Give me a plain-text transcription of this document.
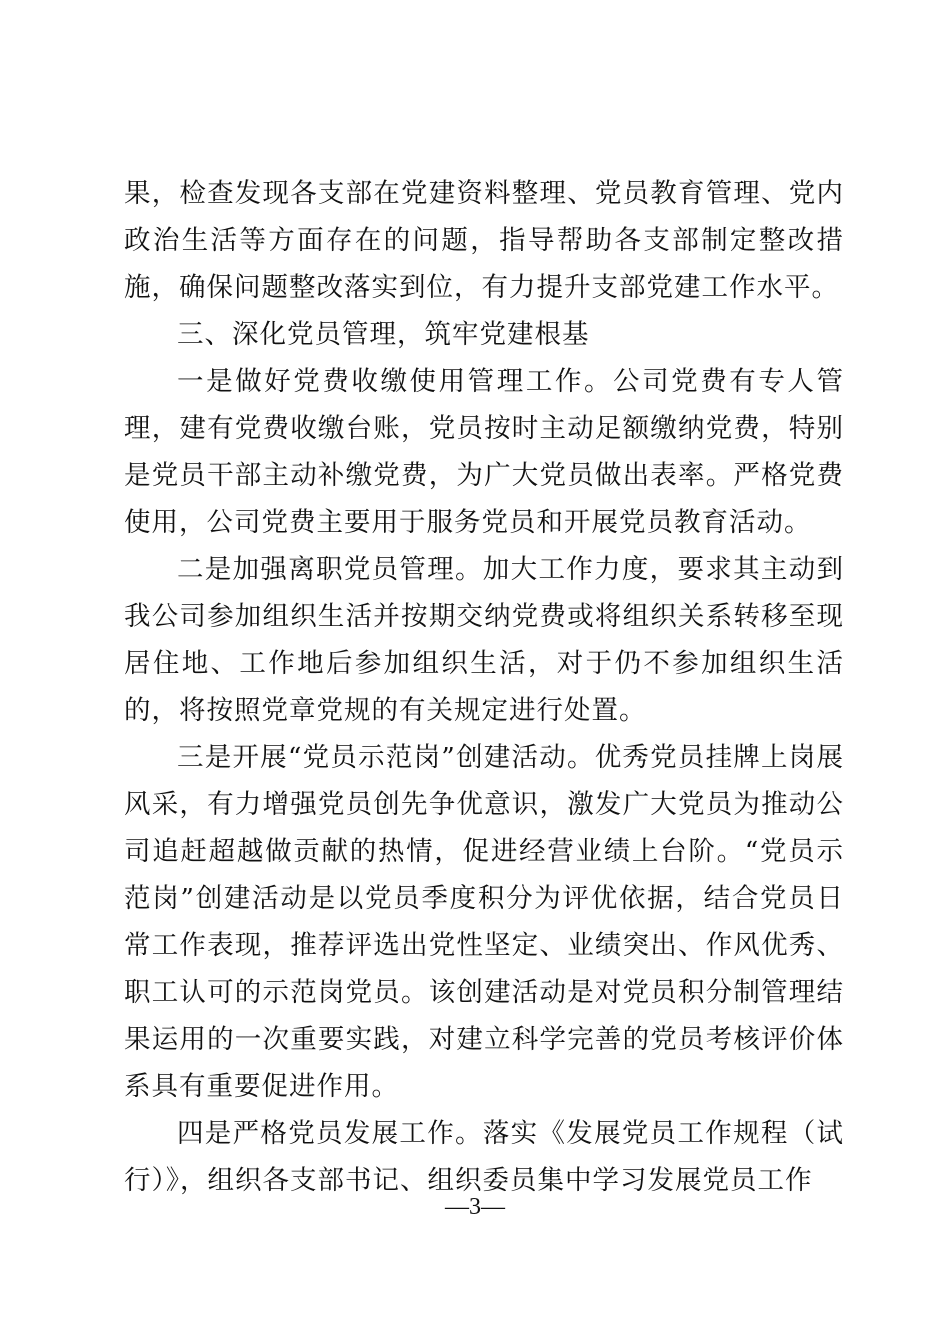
果，检查发现各支部在党建资料整理、党员教育管理、党内政治生活等方面存在的问题，指导帮助各支部制定整改措施，确保问题整改落实到位，有力提升支部党建工作水平。

三、深化党员管理，筑牢党建根基

一是做好党费收缴使用管理工作。公司党费有专人管理，建有党费收缴台账，党员按时主动足额缴纳党费，特别是党员干部主动补缴党费，为广大党员做出表率。严格党费使用，公司党费主要用于服务党员和开展党员教育活动。

二是加强离职党员管理。加大工作力度，要求其主动到我公司参加组织生活并按期交纳党费或将组织关系转移至现居住地、工作地后参加组织生活，对于仍不参加组织生活的，将按照党章党规的有关规定进行处置。

三是开展“党员示范岗”创建活动。优秀党员挂牌上岗展风采，有力增强党员创先争优意识，激发广大党员为推动公司追赶超越做贡献的热情，促进经营业绩上台阶。“党员示范岗”创建活动是以党员季度积分为评优依据，结合党员日常工作表现，推荐评选出党性坚定、业绩突出、作风优秀、职工认可的示范岗党员。该创建活动是对党员积分制管理结果运用的一次重要实践，对建立科学完善的党员考核评价体系具有重要促进作用。

四是严格党员发展工作。落实《发展党员工作规程（试行）》，组织各支部书记、组织委员集中学习发展党员工作

—3—
